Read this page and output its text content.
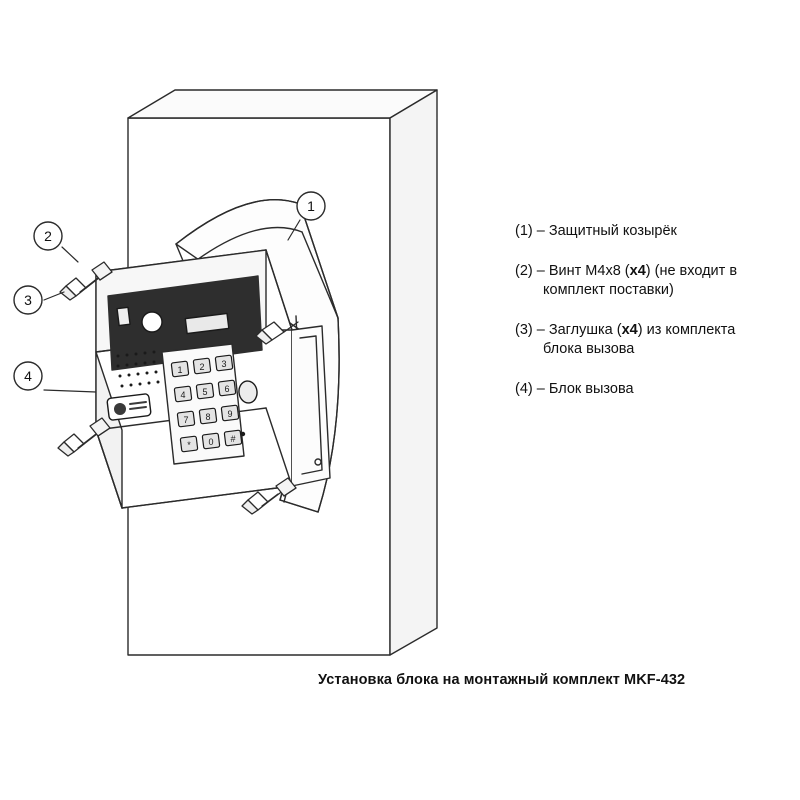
1
2
3
4	1 2 3
4 5 6
7 8 9
* 0 #
(1) – Защитный козырёк
(2) – Винт М4х8 (x4) (не входит в
комплект поставки)
(3) – Заглушка (x4) из комплекта
блока вызова
(4) – Блок вызова
Установка блока на монтажный комплект MKF-432
